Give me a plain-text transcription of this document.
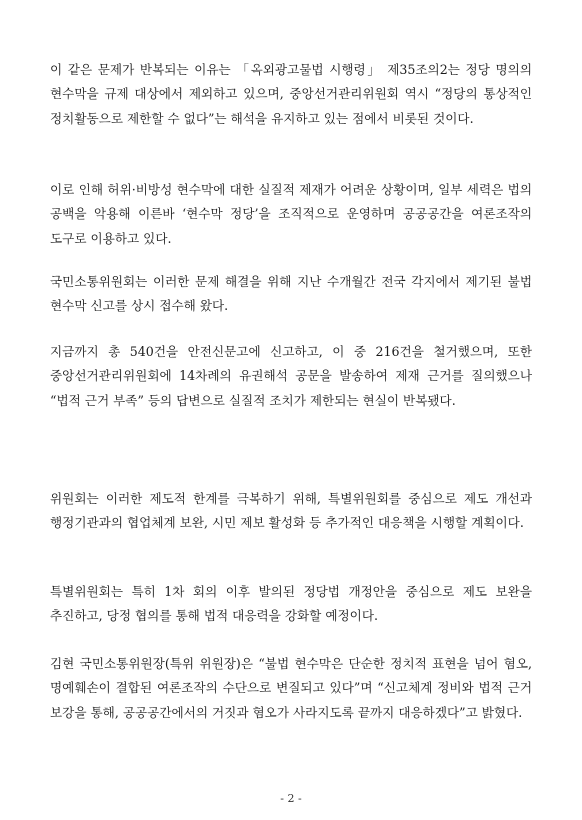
이 같은 문제가 반복되는 이유는 「옥외광고물법 시행령」 제35조의2는 정당 명의의 현수막을 규제 대상에서 제외하고 있으며, 중앙선거관리위원회 역시 “정당의 통상적인 정치활동으로 제한할 수 없다”는 해석을 유지하고 있는 점에서 비롯된 것이다.

이로 인해 허위·비방성 현수막에 대한 실질적 제재가 어려운 상황이며, 일부 세력은 법의 공백을 악용해 이른바 ‘현수막 정당’을 조직적으로 운영하며 공공공간을 여론조작의 도구로 이용하고 있다.

국민소통위원회는 이러한 문제 해결을 위해 지난 수개월간 전국 각지에서 제기된 불법 현수막 신고를 상시 접수해 왔다.

지금까지 총 540건을 안전신문고에 신고하고, 이 중 216건을 철거했으며, 또한 중앙선거관리위원회에 14차례의 유권해석 공문을 발송하여 제재 근거를 질의했으나 “법적 근거 부족” 등의 답변으로 실질적 조치가 제한되는 현실이 반복됐다.

위원회는 이러한 제도적 한계를 극복하기 위해, 특별위원회를 중심으로 제도 개선과 행정기관과의 협업체계 보완, 시민 제보 활성화 등 추가적인 대응책을 시행할 계획이다.

특별위원회는 특히 1차 회의 이후 발의된 정당법 개정안을 중심으로 제도 보완을 추진하고, 당정 협의를 통해 법적 대응력을 강화할 예정이다.

김현 국민소통위원장(특위 위원장)은 “불법 현수막은 단순한 정치적 표현을 넘어 혐오, 명예훼손이 결합된 여론조작의 수단으로 변질되고 있다”며 “신고체계 정비와 법적 근거 보강을 통해, 공공공간에서의 거짓과 혐오가 사라지도록 끝까지 대응하겠다”고 밝혔다.

- 2 -
